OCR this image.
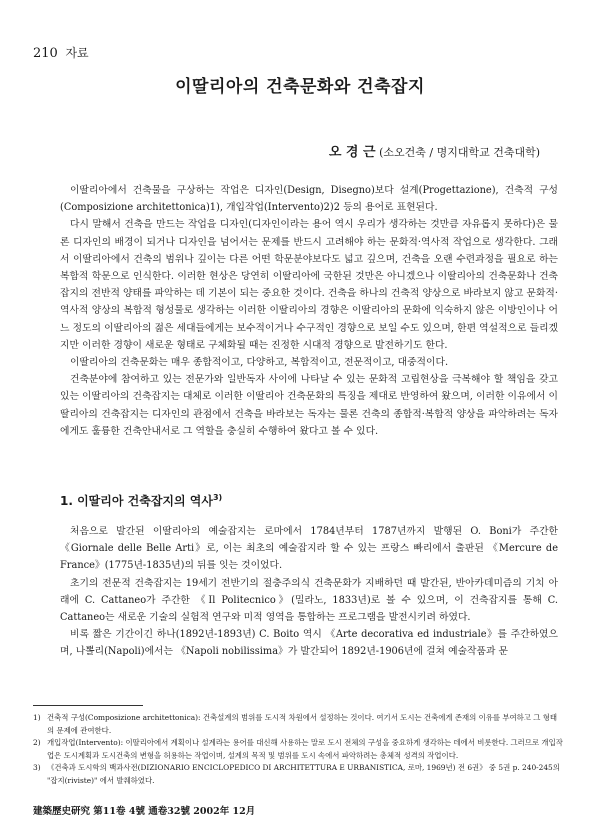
210 자료
이딸리아의 건축문화와 건축잡지
오 경 근 (소오건축 / 명지대학교 건축대학)

이딸리아에서 건축물을 구상하는 작업은 디자인(Design, Disegno)보다 설계(Progettazione), 건축적 구성(Composizione architettonica)1), 개입작업(Intervento)2)2 등의 용어로 표현된다.

다시 말해서 건축을 만드는 작업을 디자인(디자인이라는 용어 역시 우리가 생각하는 것만큼 자유롭지 못하다)은 물론 디자인의 배경이 되거나 디자인을 넘어서는 문제를 반드시 고려해야 하는 문화적·역사적 작업으로 생각한다. 그래서 이딸리아에서 건축의 범위나 깊이는 다른 어떤 학문분야보다도 넓고 깊으며, 건축을 오랜 수련과정을 필요로 하는 복합적 학문으로 인식한다. 이러한 현상은 당연히 이딸리아에 국한된 것만은 아니겠으나 이딸리아의 건축문화나 건축잡지의 전반적 양태를 파악하는 데 기본이 되는 중요한 것이다. 건축을 하나의 건축적 양상으로 바라보지 않고 문화적·역사적 양상의 복합적 형성물로 생각하는 이러한 이딸리아의 경향은 이딸리아의 문화에 익숙하지 않은 이방인이나 어느 정도의 이딸리아의 젊은 세대들에게는 보수적이거나 수구적인 경향으로 보일 수도 있으며, 한편 역설적으로 들리겠지만 이러한 경향이 새로운 형태로 구체화될 때는 진정한 시대적 경향으로 발전하기도 한다.

이딸리아의 건축문화는 매우 종합적이고, 다양하고, 복합적이고, 전문적이고, 대중적이다.

건축분야에 참여하고 있는 전문가와 일반독자 사이에 나타날 수 있는 문화적 고립현상을 극복해야 할 책임을 갖고 있는 이딸리아의 건축잡지는 대체로 이러한 이딸리아 건축문화의 특징을 제대로 반영하여 왔으며, 이러한 이유에서 이딸리아의 건축잡지는 디자인의 관점에서 건축을 바라보는 독자는 물론 건축의 종합적·복합적 양상을 파악하려는 독자에게도 훌륭한 건축안내서로 그 역할을 충실히 수행하여 왔다고 볼 수 있다.

1. 이딸리아 건축잡지의 역사$^{3)}$

처음으로 발간된 이딸리아의 예술잡지는 로마에서 1784년부터 1787년까지 발행된 O. Boni가 주간한 《Giornale delle Belle Arti》로, 이는 최초의 예술잡지라 할 수 있는 프랑스 빠리에서 출판된 《Mercure de France》(1775년-1835년)의 뒤를 잇는 것이었다.

초기의 전문적 건축잡지는 19세기 전반기의 절충주의식 건축문화가 지배하던 때 발간된, 반아카데미즘의 기치 아래에 C. Cattaneo가 주간한 《Il Politecnico》(밀라노, 1833년)로 볼 수 있으며, 이 건축잡지를 통해 C. Cattaneo는 새로운 기술의 실험적 연구와 미적 영역을 통합하는 프로그램을 발전시키려 하였다.

비록 짧은 기간이긴 하나(1892년-1893년) C. Boito 역시 《Arte decorativa ed industriale》를 주간하였으며, 나뽈리(Napoli)에서는 《Napoli nobilissima》가 발간되어 1892년-1906년에 걸쳐 예술작품과 문

1) 건축적 구성(Composizione architettonica): 건축설계의 범위를 도시적 차원에서 설정하는 것이다. 여기서 도시는 건축에게 존재의 이유를 부여하고 그 형태의 문제에 관여한다.
2) 개입작업(Intervento): 이딸리아에서 계획이나 설계라는 용어를 대신해 사용하는 말로 도시 전체의 구성을 중요하게 생각하는 데에서 비롯한다. 그러므로 개입작업은 도시계획과 도시건축의 변형을 허용하는 작업이며, 설계의 목적 및 범위를 도시 속에서 파악하려는 총체적 성격의 작업이다.
3) 《건축과 도시학의 백과사전(DIZIONARIO ENCICLOPEDICO DI ARCHITETTURA E URBANISTICA, 로마, 1969년) 전 6권》 중 5권 p. 240-245의 "잡지(riviste)" 에서 발췌하였다.
建築歷史研究 第11卷 4號 通卷32號 2002年 12月
